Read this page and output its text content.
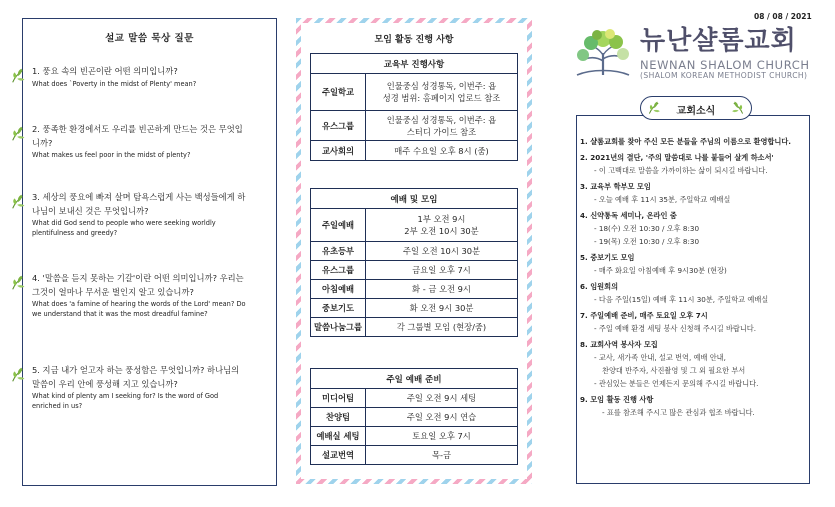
설교 말씀 묵상 질문
1. 풍요 속의 빈곤이란 어떤 의미입니까?
What does `Poverty in the midst of Plenty' mean?
2. 풍족한 환경에서도 우리를 빈곤하게 만드는 것은 무엇입니까?
What makes us feel poor in the midst of plenty?
3. 세상의 풍요에 빠져 살며 탐욕스럽게 사는 백성들에게 하나님이 보내신 것은 무엇입니까?
What did God send to people who were seeking worldly plentifulness and greedy?
4. '말씀을 듣지 못하는 기갈'이란 어떤 의미입니까? 우리는 그것이 얼마나 무서운 벌인지 알고 있습니까?
What does 'a famine of hearing the words of the Lord' mean? Do we understand that it was the most dreadful famine?
5. 지금 내가 얻고자 하는 풍성함은 무엇입니까? 하나님의 말씀이 우리 안에 풍성해 지고 있습니까?
What kind of plenty am I seeking for? Is the word of God enriched in us?
모임 활동 진행 사항
교육부 진행사항	
주일학교	인물중심 성경통독, 이번주: 욥
성경 범위: 홈페이지 업로드 참조
유스그룹	인물중심 성경통독, 이번주: 욥
스터디 가이드 참조
교사회의	매주 수요일 오후 8시 (줌)
예배 및 모임	
주일예배	1부 오전 9시
2부 오전 10시 30분
유초등부	주일 오전 10시 30분
유스그룹	금요일 오후 7시
아침예배	화 - 금 오전 9시
중보기도	화 오전 9시 30분
말씀나눔그룹	각 그룹별 모임 (현장/줌)
주일 예배 준비	
미디어팀	주일 오전 9시 세팅
찬양팀	주일 오전 9시 연습
예배실 세팅	토요일 오후 7시
설교번역	목-금
08 / 08 / 2021
뉴난샬롬교회
NEWNAN SHALOM CHURCH
(SHALOM KOREAN METHODIST CHURCH)
교회소식
1. 샬롬교회를 찾아 주신 모든 분들을 주님의 이름으로 환영합니다.
2. 2021년의 결단, '주의 말씀대로 나를 붙들어 살게 하소서'
- 이 고백대로 말씀을 가까이하는 삶이 되시길 바랍니다.
3. 교육부 학부모 모임
- 오늘 예배 후 11시 35분, 주일학교 예배실
4. 신약통독 세미나, 온라인 줌
- 18(수) 오전 10:30 / 오후 8:30
- 19(목) 오전 10:30 / 오후 8:30
5. 중보기도 모임
- 매주 화요일 아침예배 후 9시30분 (현장)
6. 임원회의
- 다음 주일(15일) 예배 후 11시 30분, 주일학교 예배실
7. 주일예배 준비, 매주 토요일 오후 7시
- 주일 예배 환경 세팅 봉사 신청해 주시길 바랍니다.
8. 교회사역 봉사자 모집
- 교사, 새가족 안내, 설교 번역, 예배 안내,
찬양대 반주자, 사진촬영 및 그 외 필요한 부서
- 관심있는 분들은 언제든지 문의해 주시길 바랍니다.
9. 모임 활동 진행 사항
- 표를 참조해 주시고 많은 관심과 협조 바랍니다.
